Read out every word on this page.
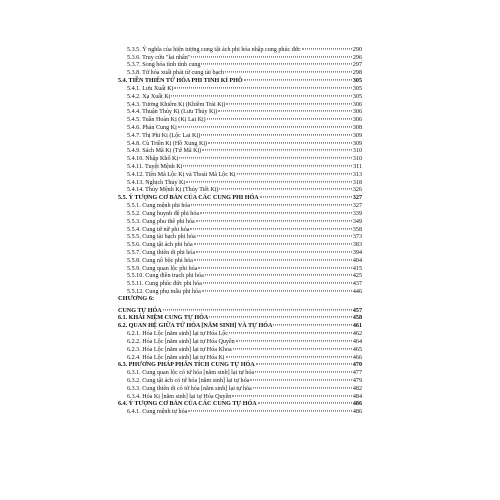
5.3.5. Ý nghĩa của hiện tượng cung tật ách phi hóa nhập cung phúc đức	290
5.3.6. Truy cứu "lai nhân"	296
5.3.7. Song hóa tình tính cung	297
5.3.8. Tứ hóa xuất phát từ cung tài bạch	298
5.4. TIỀN THIÊN TỨ HÓA PHI TINH KỈ PHÔ	305
5.4.1. Lưu Xuất Kị	305
5.4.2. Xạ Xuất Kị	305
5.4.3. Tương Khiêm Kị (Khiêm Trái Kị)	306
5.4.4. Thuận Thủy Kị (Lưu Thủy Kị)	306
5.4.5. Tuần Hoàn Kị (Kị Lai Kị)	306
5.4.6. Phản Cung Kị	308
5.4.7. Thị Phi Kị (Lộc Lai Kị)	309
5.4.8. Cù Triền Kị (Hồ Xung Kị)	309
5.4.9. Sách Mã Kị (Tứ Mã Kị)	310
5.4.10. Nhập Khố Kị	310
5.4.11. Tuyệt Mệnh Kị	311
5.4.12. Tiền Mã Lộc Kị và Thoái Mã Lộc Kị	313
5.4.13. Nghịch Thủy Kị	318
5.4.14. Thủy Mệnh Kị (Thủy Tiết Kị)	326
5.5. Ý TƯỢNG CƠ BẢN CỦA CÁC CUNG PHI HÓA	327
5.5.1. Cung mệnh phi hóa	327
5.5.2. Cung huynh đệ phi hóa	339
5.5.3. Cung phu thê phi hóa	349
5.5.4. Cung tử nữ phi hóa	358
5.5.5. Cung tài bạch phi hóa	373
5.5.6. Cung tật ách phi hóa	383
5.5.7. Cung thiên di phi hóa	394
5.5.8. Cung nô bộc phi hóa	404
5.5.9. Cung quan lộc phi hóa	415
5.5.10. Cung điền trạch phi hóa	425
5.5.11. Cung phúc đức phi hóa	437
5.5.12. Cung phụ mẫu phi hóa	446
CHƯƠNG 6:
CUNG TỰ HÓA	457
6.1. KHÁI NIỆM CUNG TỰ HÓA	458
6.2. QUAN HỆ GIỮA TỨ HÓA [NĂM SINH] VÀ TỰ HÓA	461
6.2.1. Hóa Lộc [năm sinh] lại tự Hóa Lộc	462
6.2.2. Hóa Lộc [năm sinh] lại tự Hóa Quyền	464
6.2.3. Hóa Lộc [năm sinh] lại tự Hóa Khoa	465
6.2.4. Hóa Lộc [năm sinh] lại tự Hóa Kị	466
6.3. PHƯƠNG PHÁP PHÂN TÍCH CUNG TỰ HÓA	470
6.3.1. Cung quan lộc có tứ hóa [năm sinh] lại tự hóa	477
6.3.2. Cung tật ách có tứ hóa [năm sinh] lại tự hóa	479
6.3.3. Cung thiên di có tứ hóa [năm sinh] lại tự hóa	482
6.3.4. Hóa Kị [năm sinh] lại tự Hóa Quyền	484
6.4. Ý TƯỢNG CƠ BẢN CỦA CÁC CUNG TỰ HÓA	486
6.4.1. Cung mệnh tự hóa	486
